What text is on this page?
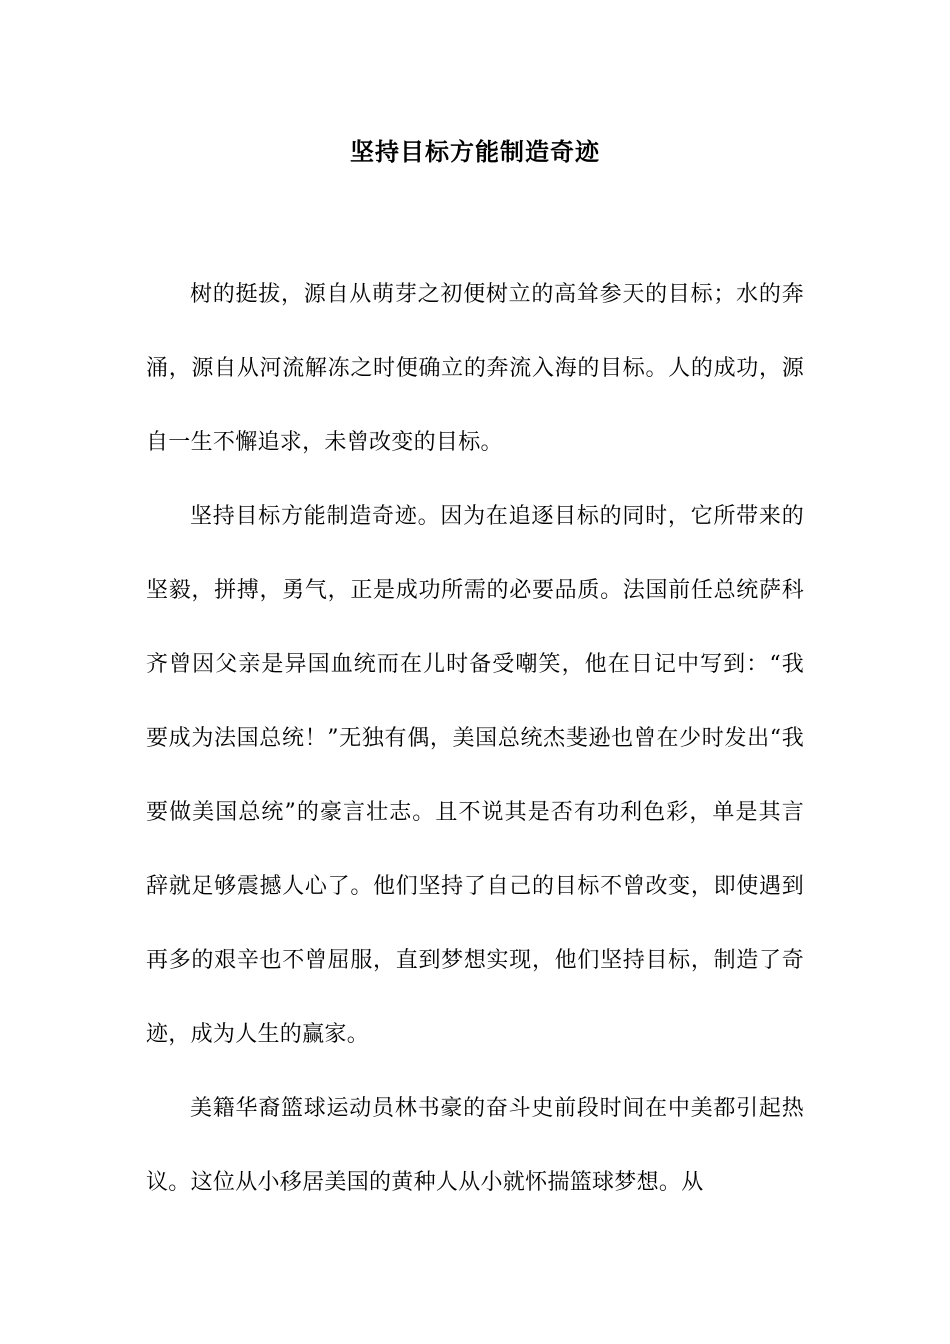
坚持目标方能制造奇迹

树的挺拔，源自从萌芽之初便树立的高耸参天的目标；水的奔涌，源自从河流解冻之时便确立的奔流入海的目标。人的成功，源自一生不懈追求，未曾改变的目标。

坚持目标方能制造奇迹。因为在追逐目标的同时，它所带来的坚毅，拼搏，勇气，正是成功所需的必要品质。法国前任总统萨科齐曾因父亲是异国血统而在儿时备受嘲笑，他在日记中写到：“我要成为法国总统！”无独有偶，美国总统杰斐逊也曾在少时发出“我要做美国总统”的豪言壮志。且不说其是否有功利色彩，单是其言辞就足够震撼人心了。他们坚持了自己的目标不曾改变，即使遇到再多的艰辛也不曾屈服，直到梦想实现，他们坚持目标，制造了奇迹，成为人生的赢家。

美籍华裔篮球运动员林书豪的奋斗史前段时间在中美都引起热议。这位从小移居美国的黄种人从小就怀揣篮球梦想。从
